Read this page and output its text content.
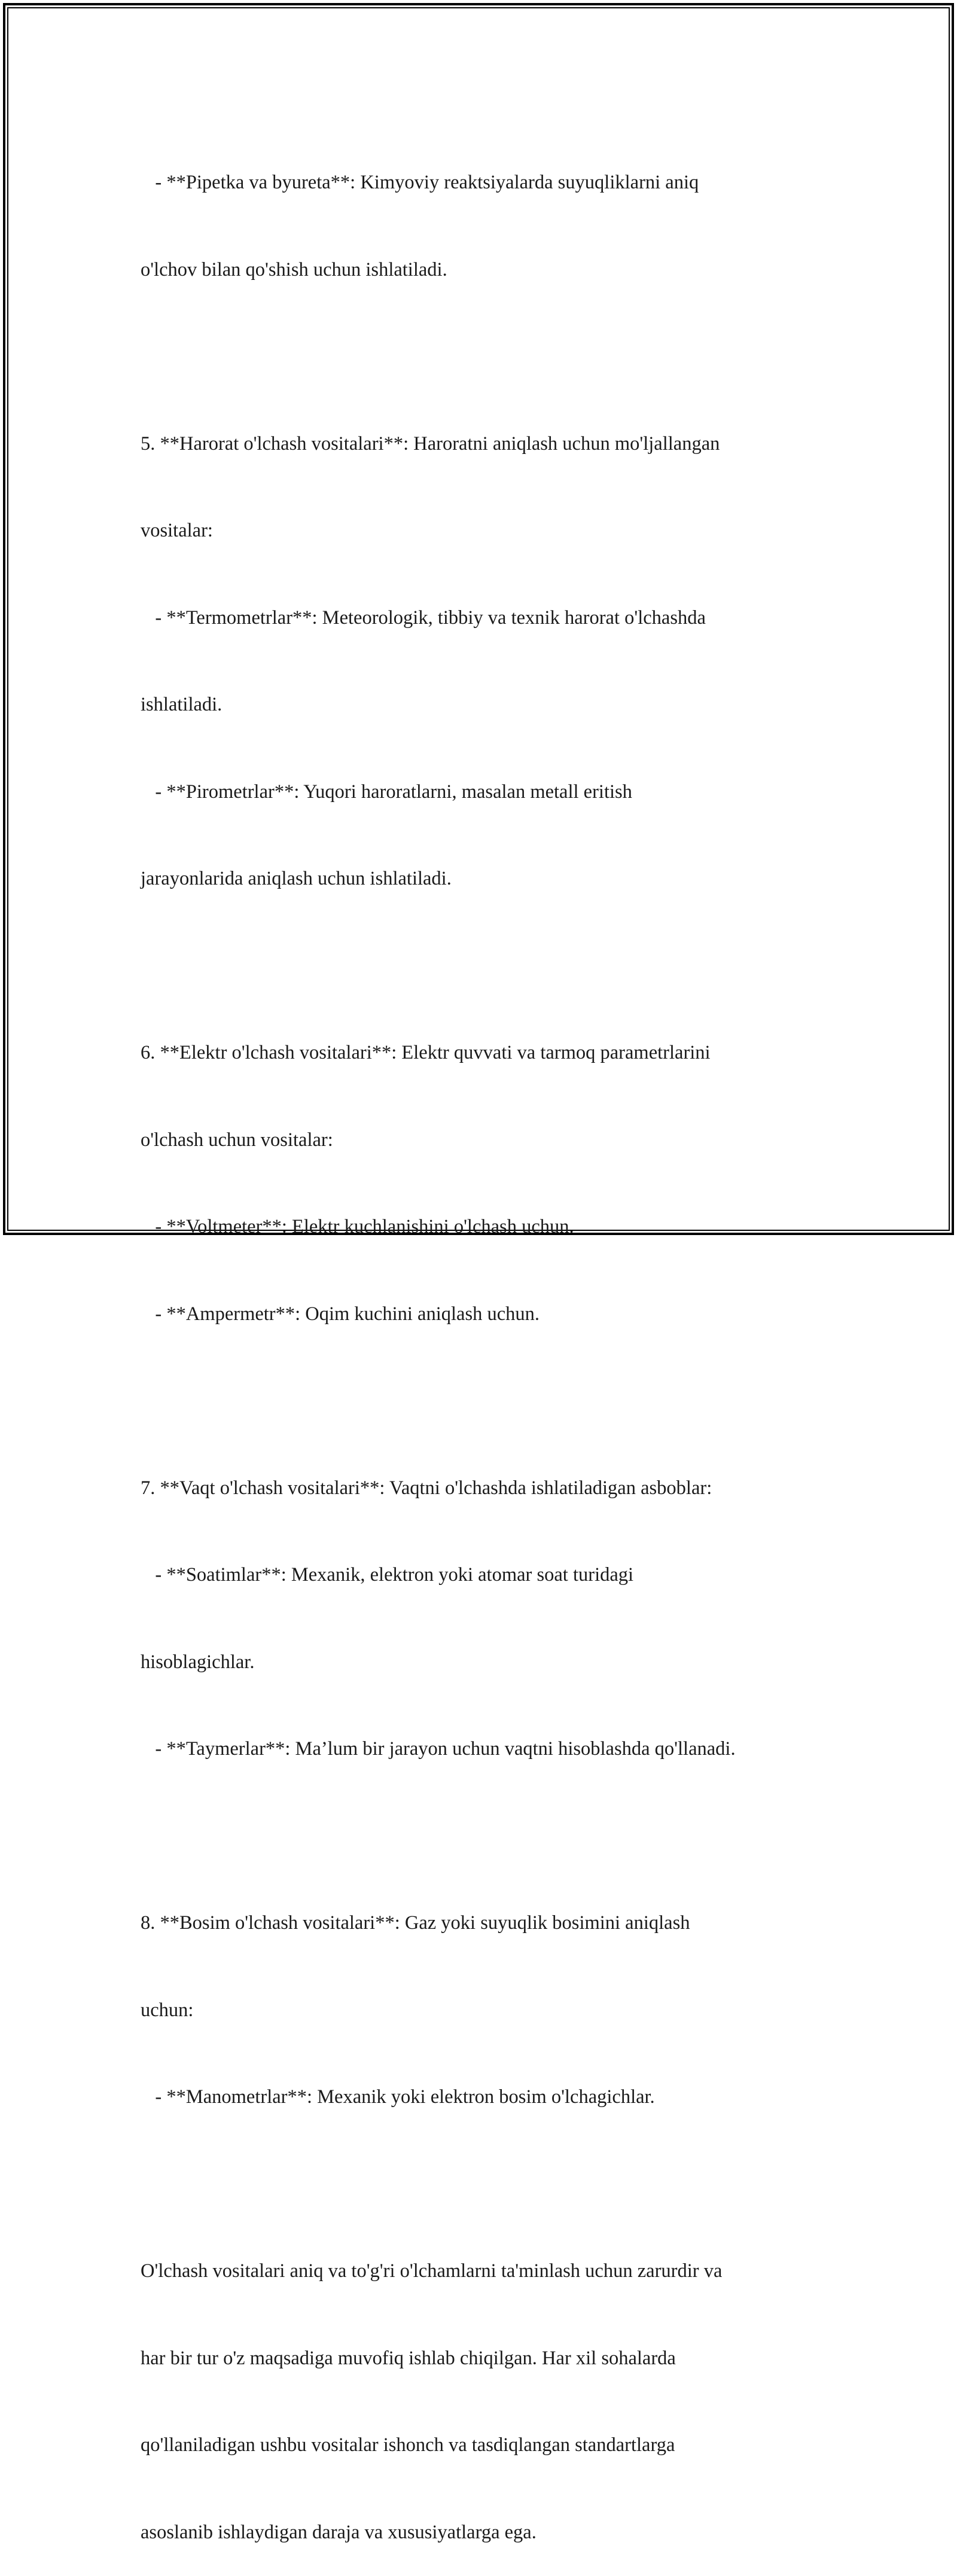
- **Pipetka va byureta**: Kimyoviy reaktsiyalarda suyuqliklarni aniq

o'lchov bilan qo'shish uchun ishlatiladi.

5. **Harorat o'lchash vositalari**: Haroratni aniqlash uchun mo'ljallangan

vositalar:

- **Termometrlar**: Meteorologik, tibbiy va texnik harorat o'lchashda

ishlatiladi.

- **Pirometrlar**: Yuqori haroratlarni, masalan metall eritish

jarayonlarida aniqlash uchun ishlatiladi.

6. **Elektr o'lchash vositalari**: Elektr quvvati va tarmoq parametrlarini

o'lchash uchun vositalar:

- **Voltmeter**: Elektr kuchlanishini o'lchash uchun.

- **Ampermetr**: Oqim kuchini aniqlash uchun.

7. **Vaqt o'lchash vositalari**: Vaqtni o'lchashda ishlatiladigan asboblar:

- **Soatimlar**: Mexanik, elektron yoki atomar soat turidagi

hisoblagichlar.

- **Taymerlar**: Ma’lum bir jarayon uchun vaqtni hisoblashda qo'llanadi.

8. **Bosim o'lchash vositalari**: Gaz yoki suyuqlik bosimini aniqlash

uchun:

- **Manometrlar**: Mexanik yoki elektron bosim o'lchagichlar.

O'lchash vositalari aniq va to'g'ri o'lchamlarni ta'minlash uchun zarurdir va

har bir tur o'z maqsadiga muvofiq ishlab chiqilgan. Har xil sohalarda

qo'llaniladigan ushbu vositalar ishonch va tasdiqlangan standartlarga

asoslanib ishlaydigan daraja va xususiyatlarga ega.
